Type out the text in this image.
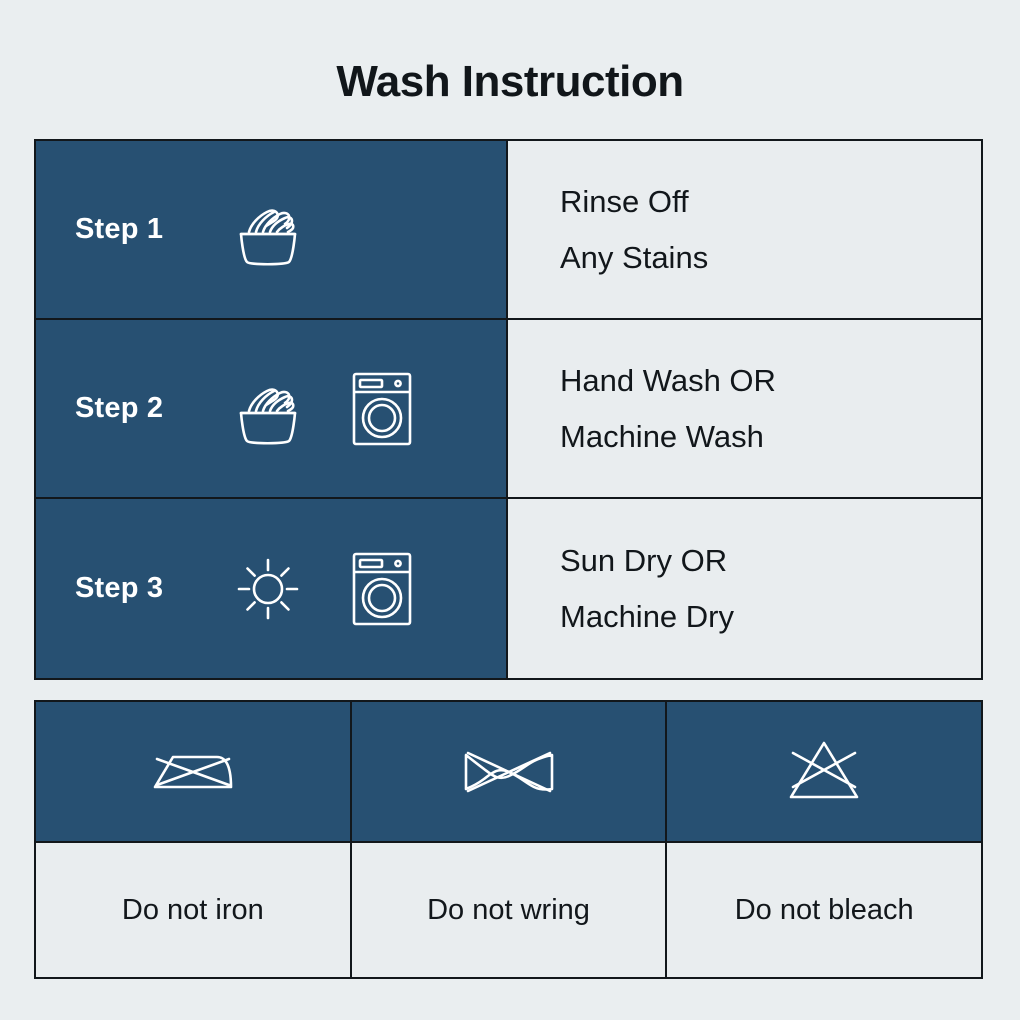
Wash Instruction
Step 1
Rinse Off
Any Stains
Step 2
Hand Wash OR
Machine Wash
Step 3
Sun Dry OR
Machine Dry
Do not iron	Do not wring	Do not bleach
